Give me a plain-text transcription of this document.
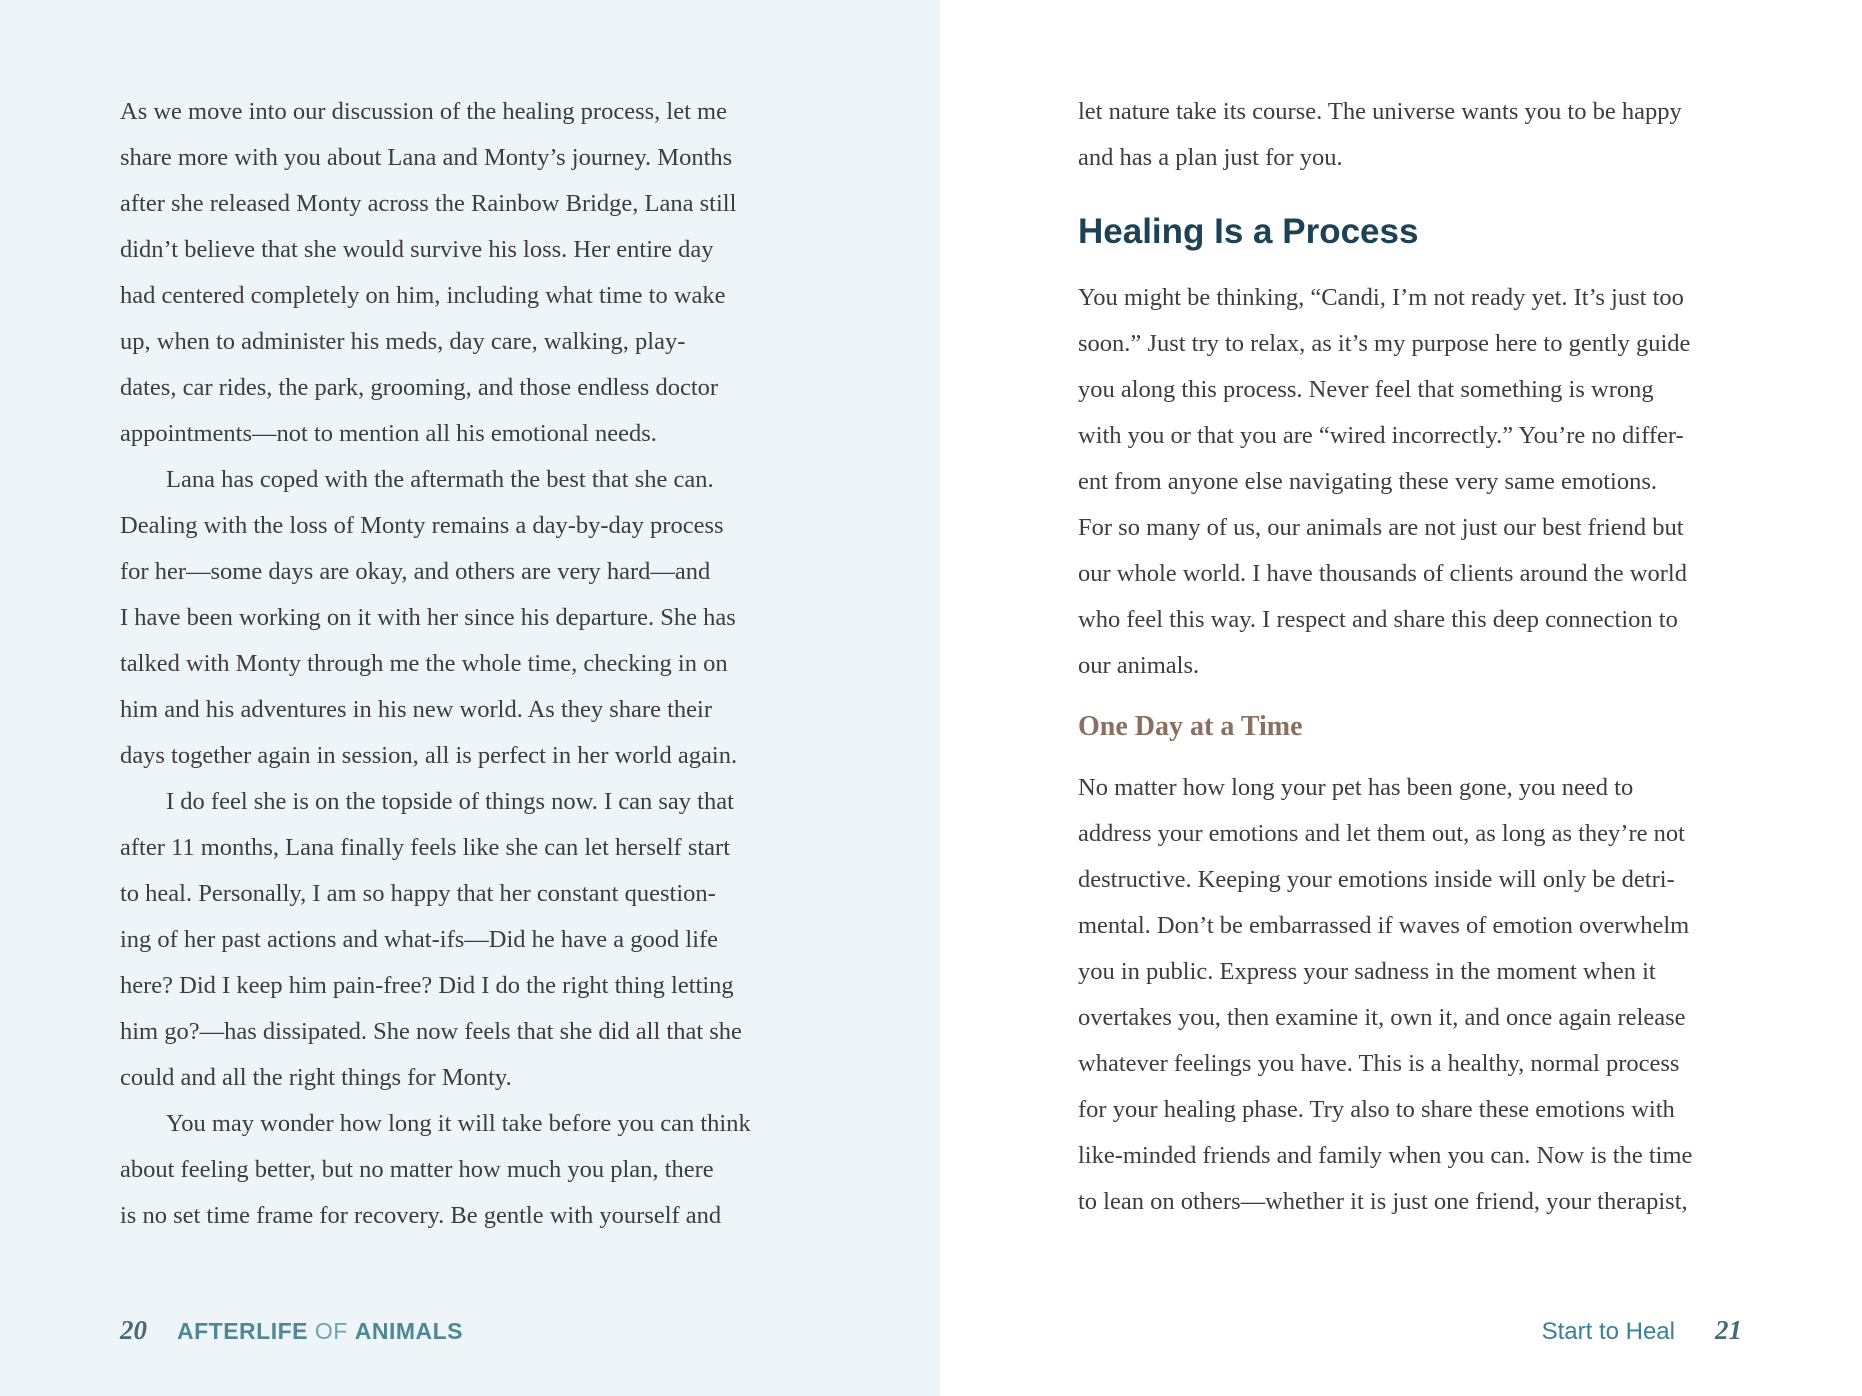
As we move into our discussion of the healing process, let me
share more with you about Lana and Monty’s journey. Months
after she released Monty across the Rainbow Bridge, Lana still
didn’t believe that she would survive his loss. Her entire day
had centered completely on him, including what time to wake
up, when to administer his meds, day care, walking, play-
dates, car rides, the park, grooming, and those endless doctor
appointments—not to mention all his emotional needs.
Lana has coped with the aftermath the best that she can.
Dealing with the loss of Monty remains a day-by-day process
for her—some days are okay, and others are very hard—and
I have been working on it with her since his departure. She has
talked with Monty through me the whole time, checking in on
him and his adventures in his new world. As they share their
days together again in session, all is perfect in her world again.
I do feel she is on the topside of things now. I can say that
after 11 months, Lana finally feels like she can let herself start
to heal. Personally, I am so happy that her constant question-
ing of her past actions and what-ifs—Did he have a good life
here? Did I keep him pain-free? Did I do the right thing letting
him go?—has dissipated. She now feels that she did all that she
could and all the right things for Monty.
You may wonder how long it will take before you can think
about feeling better, but no matter how much you plan, there
is no set time frame for recovery. Be gentle with yourself and
20 AFTERLIFE OF ANIMALS
let nature take its course. The universe wants you to be happy
and has a plan just for you.
Healing Is a Process
You might be thinking, “Candi, I’m not ready yet. It’s just too
soon.” Just try to relax, as it’s my purpose here to gently guide
you along this process. Never feel that something is wrong
with you or that you are “wired incorrectly.” You’re no differ-
ent from anyone else navigating these very same emotions.
For so many of us, our animals are not just our best friend but
our whole world. I have thousands of clients around the world
who feel this way. I respect and share this deep connection to
our animals.
One Day at a Time
No matter how long your pet has been gone, you need to
address your emotions and let them out, as long as they’re not
destructive. Keeping your emotions inside will only be detri-
mental. Don’t be embarrassed if waves of emotion overwhelm
you in public. Express your sadness in the moment when it
overtakes you, then examine it, own it, and once again release
whatever feelings you have. This is a healthy, normal process
for your healing phase. Try also to share these emotions with
like-minded friends and family when you can. Now is the time
to lean on others—whether it is just one friend, your therapist,
Start to Heal 21
